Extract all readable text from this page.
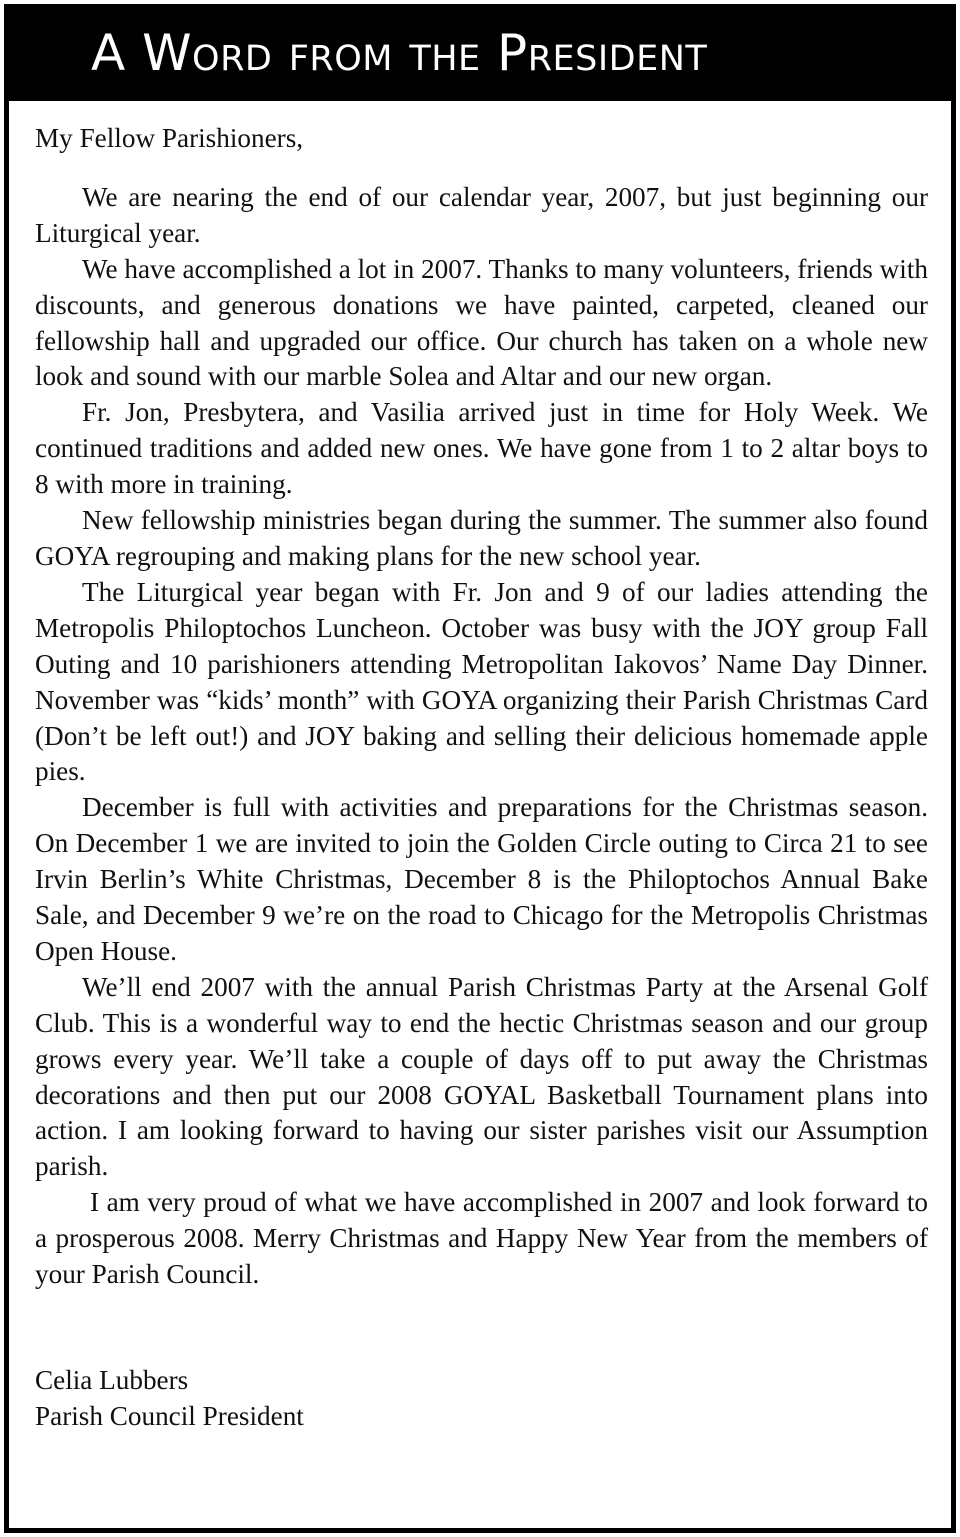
A Word from the President

My Fellow Parishioners,

We are nearing the end of our calendar year, 2007, but just beginning our Liturgical year.

We have accomplished a lot in 2007. Thanks to many volunteers, friends with discounts, and generous donations we have painted, carpeted, cleaned our fellowship hall and upgraded our office. Our church has taken on a whole new look and sound with our marble Solea and Altar and our new organ.

Fr. Jon, Presbytera, and Vasilia arrived just in time for Holy Week. We continued traditions and added new ones. We have gone from 1 to 2 altar boys to 8 with more in training.

New fellowship ministries began during the summer. The summer also found GOYA regrouping and making plans for the new school year.

The Liturgical year began with Fr. Jon and 9 of our ladies attending the Metropolis Philoptochos Luncheon. October was busy with the JOY group Fall Outing and 10 parishioners attending Metropolitan Iakovos’ Name Day Dinner. November was “kids’ month” with GOYA organizing their Parish Christmas Card (Don’t be left out!) and JOY baking and selling their delicious homemade apple pies.

December is full with activities and preparations for the Christmas season. On December 1 we are invited to join the Golden Circle outing to Circa 21 to see Irvin Berlin’s White Christmas, December 8 is the Philoptochos Annual Bake Sale, and December 9 we’re on the road to Chicago for the Metropolis Christmas Open House.

We’ll end 2007 with the annual Parish Christmas Party at the Arsenal Golf Club. This is a wonderful way to end the hectic Christmas season and our group grows every year. We’ll take a couple of days off to put away the Christmas decorations and then put our 2008 GOYAL Basketball Tournament plans into action. I am looking forward to having our sister parishes visit our Assumption parish.

I am very proud of what we have accomplished in 2007 and look forward to a prosperous 2008. Merry Christmas and Happy New Year from the members of your Parish Council.

Celia Lubbers
Parish Council President
